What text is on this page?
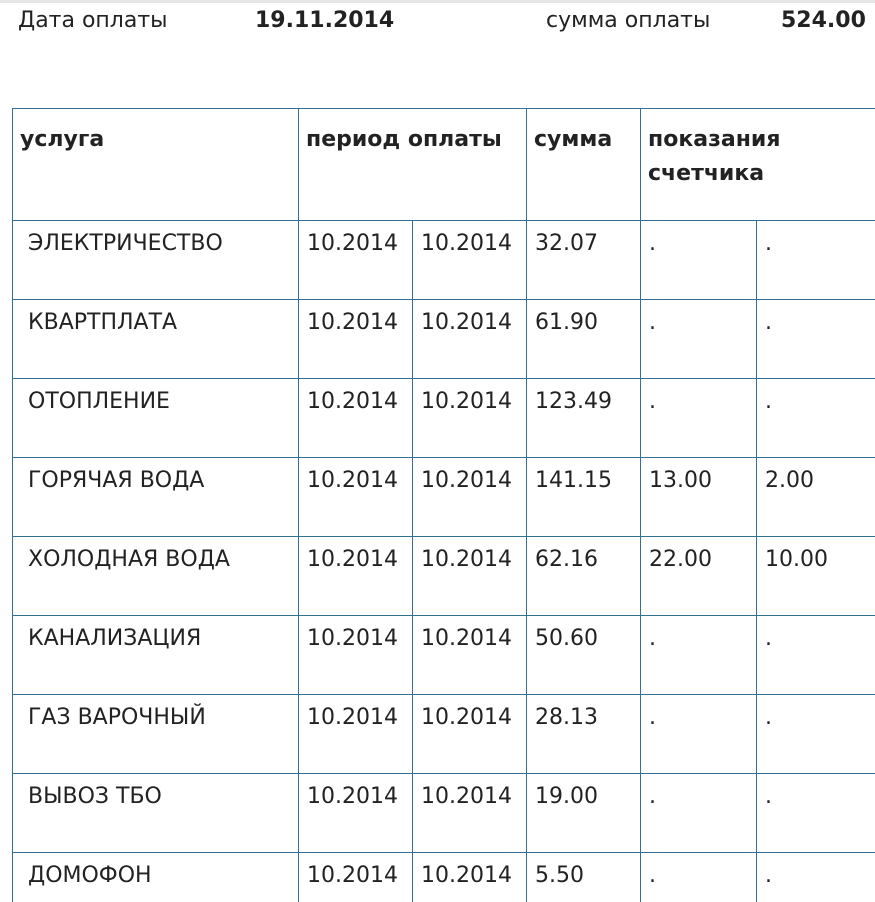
Дата оплаты	19.11.2014	сумма оплаты	524.00
услуга	период оплаты		сумма	показания счетчика	

ЭЛЕКТРИЧЕСТВО	10.2014	10.2014	32.07	.	.
КВАРТПЛАТА	10.2014	10.2014	61.90	.	.
ОТОПЛЕНИЕ	10.2014	10.2014	123.49	.	.
ГОРЯЧАЯ ВОДА	10.2014	10.2014	141.15	13.00	2.00
ХОЛОДНАЯ ВОДА	10.2014	10.2014	62.16	22.00	10.00
КАНАЛИЗАЦИЯ	10.2014	10.2014	50.60	.	.
ГАЗ ВАРОЧНЫЙ	10.2014	10.2014	28.13	.	.
ВЫВОЗ ТБО	10.2014	10.2014	19.00	.	.
ДОМОФОН	10.2014	10.2014	5.50	.	.
